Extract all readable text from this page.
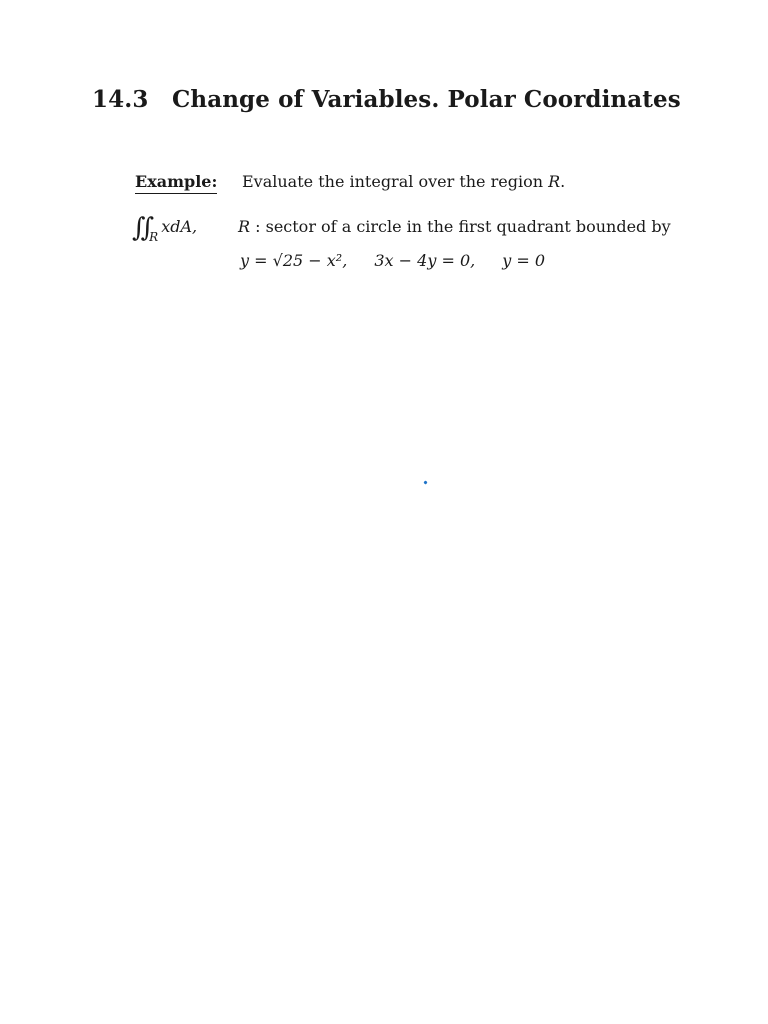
14.3 Change of Variables. Polar Coordinates
Example: Evaluate the integral over the region R.
∬ $_R$xdA,	R : sector of a circle in the first quadrant bounded by
y = √25 − x², 3x − 4y = 0, y = 0
